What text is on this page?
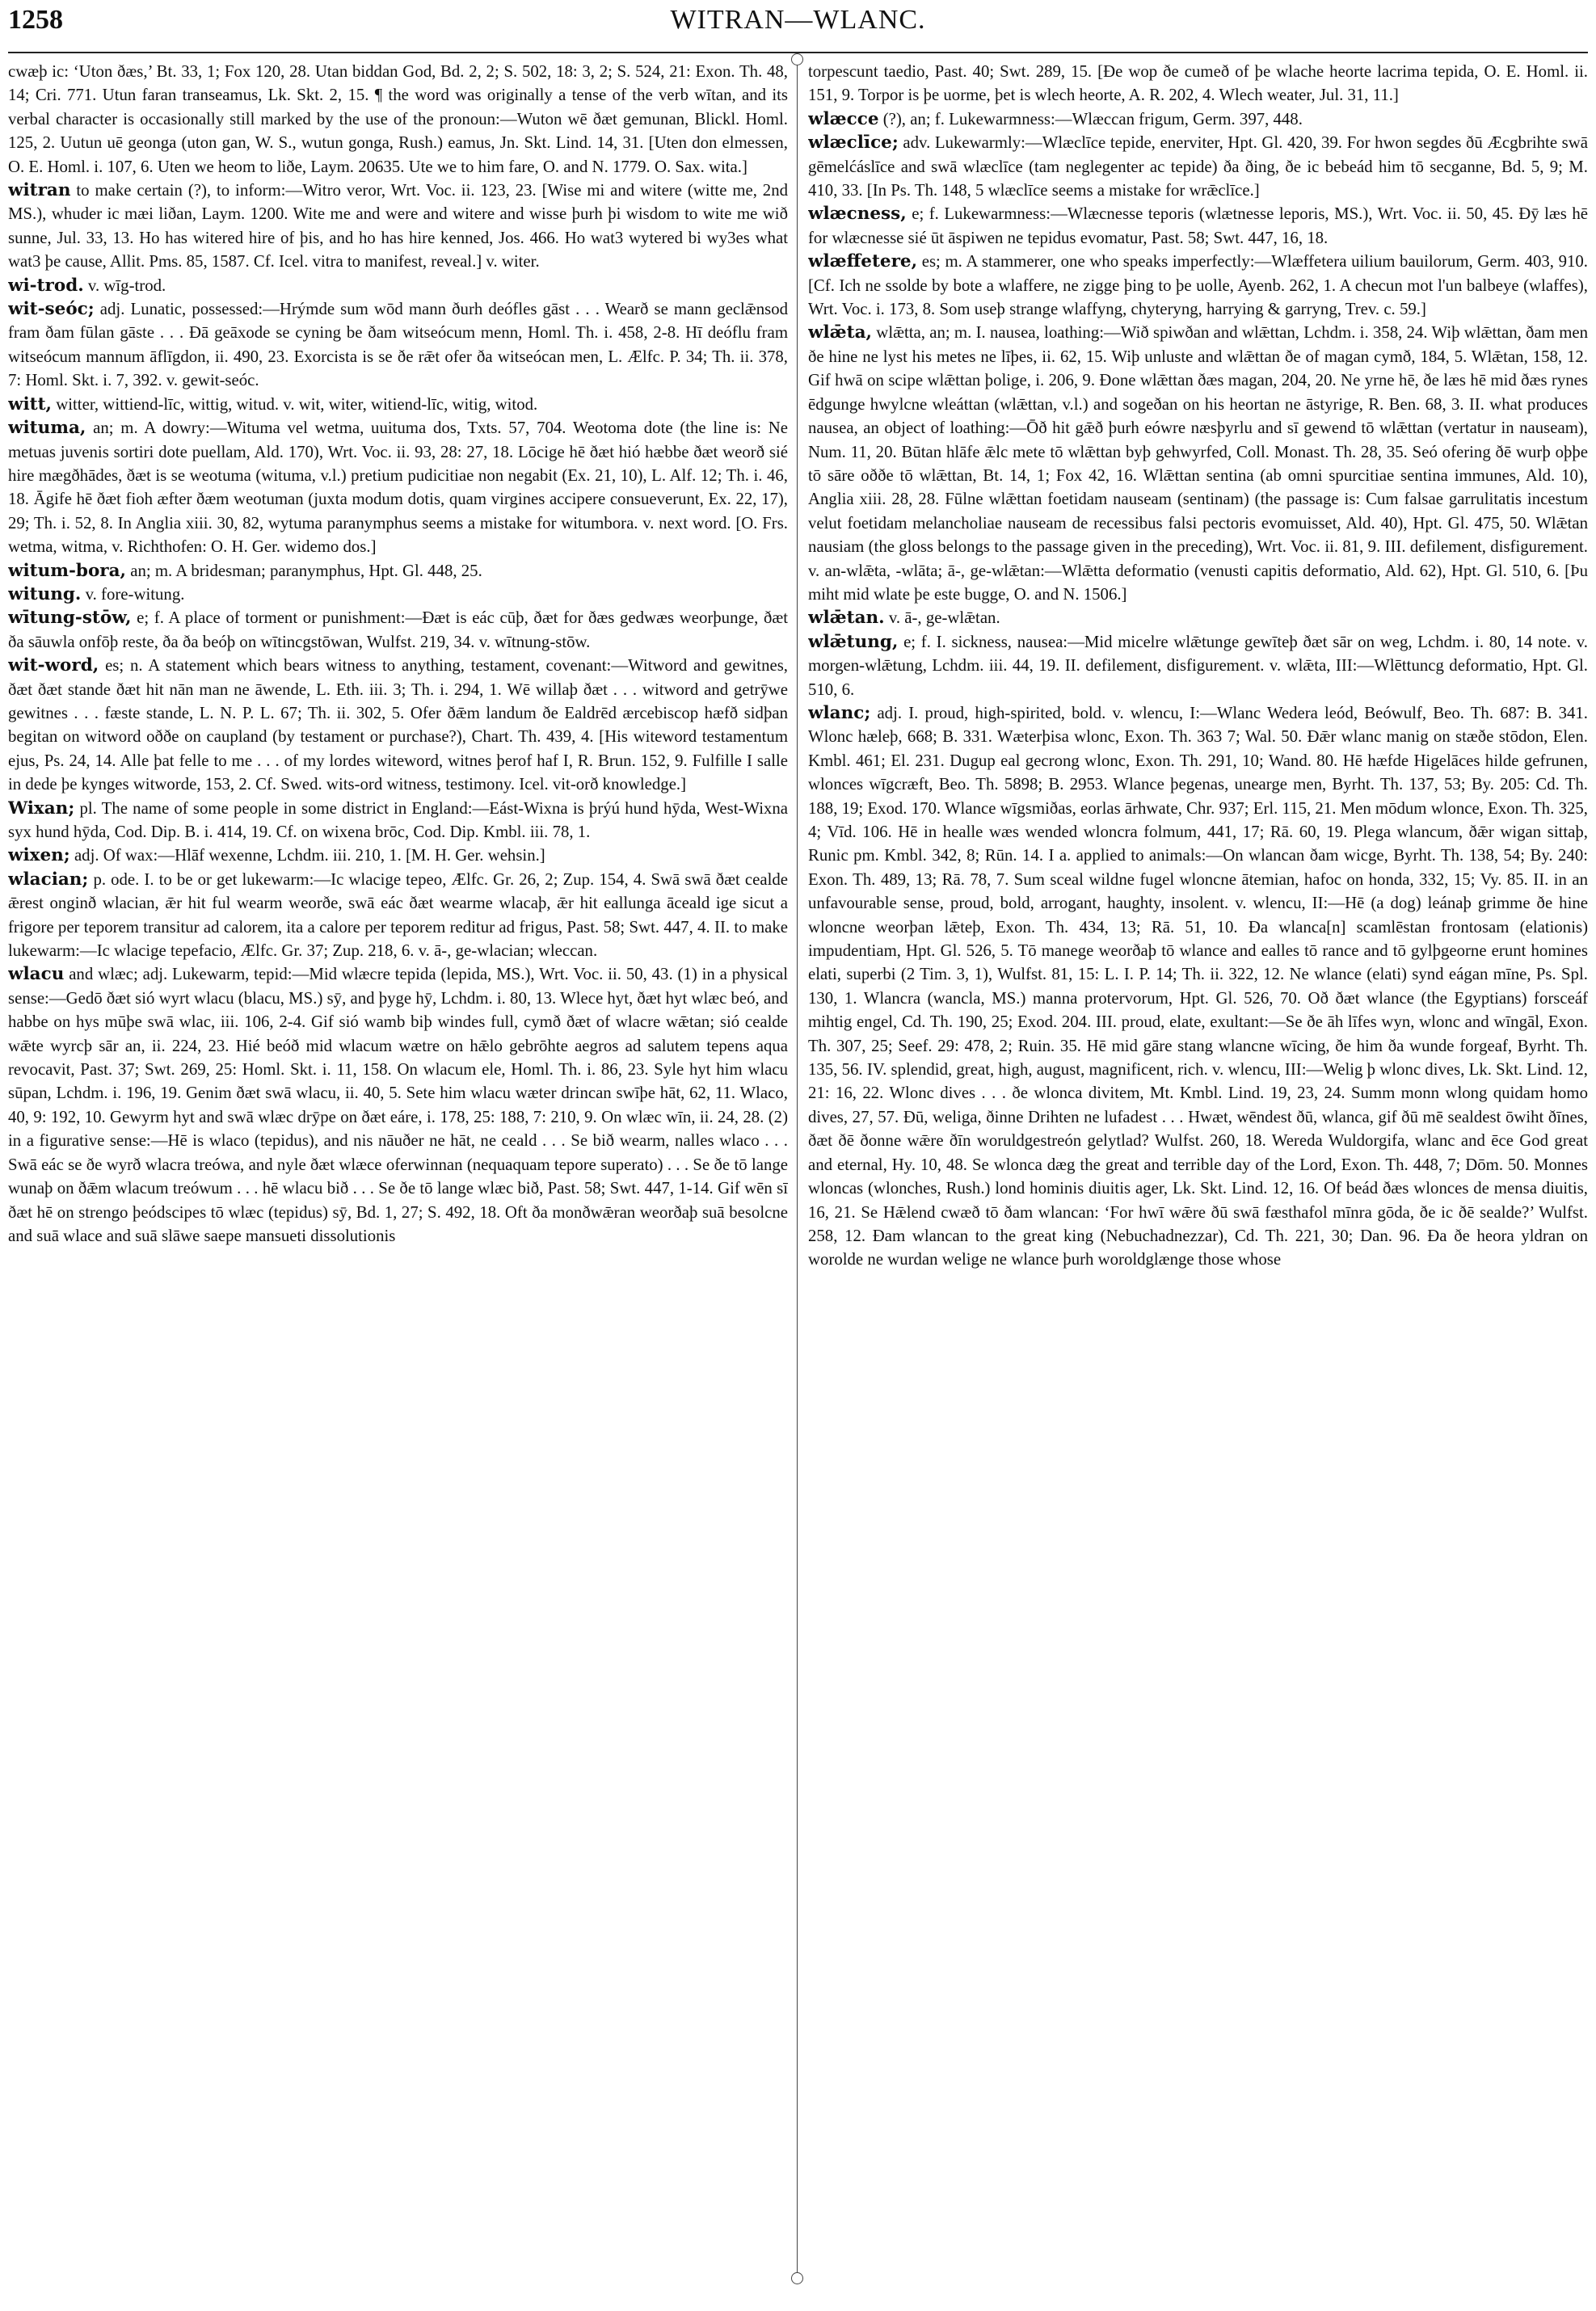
1258	WITRAN—WLANC.

cwæþ ic: ‘Uton ðæs,’ Bt. 33, 1; Fox 120, 28. Utan biddan God, Bd. 2, 2; S. 502, 18: 3, 2; S. 524, 21: Exon. Th. 48, 14; Cri. 771. Utun faran transeamus, Lk. Skt. 2, 15. ¶ the word was originally a tense of the verb wītan, and its verbal character is occasionally still marked by the use of the pronoun:—Wuton wē ðæt gemunan, Blickl. Homl. 125, 2. Uutun uē geonga (uton gan, W. S., wutun gonga, Rush.) eamus, Jn. Skt. Lind. 14, 31. [Uten don elmessen, O. E. Homl. i. 107, 6. Uten we heom to liðe, Laym. 20635. Ute we to him fare, O. and N. 1779. O. Sax. wita.]

witran to make certain (?), to inform:—Witro veror, Wrt. Voc. ii. 123, 23. [Wise mi and witere (witte me, 2nd MS.), whuder ic mæi liðan, Laym. 1200. Wite me and were and witere and wisse þurh þi wisdom to wite me wið sunne, Jul. 33, 13. Ho has witered hire of þis, and ho has hire kenned, Jos. 466. Ho wat3 wytered bi wy3es what wat3 þe cause, Allit. Pms. 85, 1587. Cf. Icel. vitra to manifest, reveal.] v. witer.

wi-trod. v. wīg-trod.

wit-seóc; adj. Lunatic, possessed:—Hrýmde sum wōd mann ðurh deófles gāst . . . Wearð se mann geclǣnsod fram ðam fūlan gāste . . . Ðā geāxode se cyning be ðam witseócum menn, Homl. Th. i. 458, 2-8. Hī deóflu fram witseócum mannum āflīgdon, ii. 490, 23. Exorcista is se ðe rǣt ofer ða witseócan men, L. Ælfc. P. 34; Th. ii. 378, 7: Homl. Skt. i. 7, 392. v. gewit-seóc.

witt, witter, wittiend-līc, wittig, witud. v. wit, witer, witiend-līc, witig, witod.

wituma, an; m. A dowry:—Wituma vel wetma, uuituma dos, Txts. 57, 704. Weotoma dote (the line is: Ne metuas juvenis sortiri dote puellam, Ald. 170), Wrt. Voc. ii. 93, 28: 27, 18. Lōcige hē ðæt hió hæbbe ðæt weorð sié hire mægðhādes, ðæt is se weotuma (wituma, v.l.) pretium pudicitiae non negabit (Ex. 21, 10), L. Alf. 12; Th. i. 46, 18. Āgife hē ðæt fioh æfter ðæm weotuman (juxta modum dotis, quam virgines accipere consueverunt, Ex. 22, 17), 29; Th. i. 52, 8. In Anglia xiii. 30, 82, wytuma paranymphus seems a mistake for witumbora. v. next word. [O. Frs. wetma, witma, v. Richthofen: O. H. Ger. widemo dos.]

witum-bora, an; m. A bridesman; paranymphus, Hpt. Gl. 448, 25.

witung. v. fore-witung.

wītung-stōw, e; f. A place of torment or punishment:—Ðæt is eác cūþ, ðæt for ðæs gedwæs weorþunge, ðæt ða sāuwla onfōþ reste, ða ða beóþ on wītincgstōwan, Wulfst. 219, 34. v. wītnung-stōw.

wit-word, es; n. A statement which bears witness to anything, testament, covenant:—Witword and gewitnes, ðæt ðæt stande ðæt hit nān man ne āwende, L. Eth. iii. 3; Th. i. 294, 1. Wē willaþ ðæt . . . witword and getrȳwe gewitnes . . . fæste stande, L. N. P. L. 67; Th. ii. 302, 5. Ofer ðǣm landum ðe Ealdrēd ærcebiscop hæfð sidþan begitan on witword oððe on caupland (by testament or purchase?), Chart. Th. 439, 4. [His witeword testamentum ejus, Ps. 24, 14. Alle þat felle to me . . . of my lordes witeword, witnes þerof haf I, R. Brun. 152, 9. Fulfille I salle in dede þe kynges witworde, 153, 2. Cf. Swed. wits-ord witness, testimony. Icel. vit-orð knowledge.]

Wixan; pl. The name of some people in some district in England:—Eást-Wixna is þrýú hund hȳda, West-Wixna syx hund hȳda, Cod. Dip. B. i. 414, 19. Cf. on wixena brōc, Cod. Dip. Kmbl. iii. 78, 1.

wixen; adj. Of wax:—Hlāf wexenne, Lchdm. iii. 210, 1. [M. H. Ger. wehsin.]

wlacian; p. ode. I. to be or get lukewarm:—Ic wlacige tepeo, Ælfc. Gr. 26, 2; Zup. 154, 4. Swā swā ðæt cealde ǣrest onginð wlacian, ǣr hit ful wearm weorðe, swā eác ðæt wearme wlacaþ, ǣr hit eallunga āceald ige sicut a frigore per teporem transitur ad calorem, ita a calore per teporem reditur ad frigus, Past. 58; Swt. 447, 4. II. to make lukewarm:—Ic wlacige tepefacio, Ælfc. Gr. 37; Zup. 218, 6. v. ā-, ge-wlacian; wleccan.

wlacu and wlæc; adj. Lukewarm, tepid:—Mid wlæcre tepida (lepida, MS.), Wrt. Voc. ii. 50, 43. (1) in a physical sense:—Gedō ðæt sió wyrt wlacu (blacu, MS.) sȳ, and þyge hȳ, Lchdm. i. 80, 13. Wlece hyt, ðæt hyt wlæc beó, and habbe on hys mūþe swā wlac, iii. 106, 2-4. Gif sió wamb biþ windes full, cymð ðæt of wlacre wǣtan; sió cealde wǣte wyrcþ sār an, ii. 224, 23. Hié beóð mid wlacum wætre on hǣlo gebrōhte aegros ad salutem tepens aqua revocavit, Past. 37; Swt. 269, 25: Homl. Skt. i. 11, 158. On wlacum ele, Homl. Th. i. 86, 23. Syle hyt him wlacu sūpan, Lchdm. i. 196, 19. Genim ðæt swā wlacu, ii. 40, 5. Sete him wlacu wæter drincan swīþe hāt, 62, 11. Wlaco, 40, 9: 192, 10. Gewyrm hyt and swā wlæc drȳpe on ðæt eáre, i. 178, 25: 188, 7: 210, 9. On wlæc wīn, ii. 24, 28. (2) in a figurative sense:—Hē is wlaco (tepidus), and nis nāuðer ne hāt, ne ceald . . . Se bið wearm, nalles wlaco . . . Swā eác se ðe wyrð wlacra treówa, and nyle ðæt wlæce oferwinnan (nequaquam tepore superato) . . . Se ðe tō lange wunaþ on ðǣm wlacum treówum . . . hē wlacu bið . . . Se ðe tō lange wlæc bið, Past. 58; Swt. 447, 1-14. Gif wēn sī ðæt hē on strengo þeódscipes tō wlæc (tepidus) sȳ, Bd. 1, 27; S. 492, 18. Oft ða monðwǣran weorðaþ suā besolcne and suā wlace and suā slāwe saepe mansueti dissolutionis

torpescunt taedio, Past. 40; Swt. 289, 15. [Ðe wop ðe cumeð of þe wlache heorte lacrima tepida, O. E. Homl. ii. 151, 9. Torpor is þe uorme, þet is wlech heorte, A. R. 202, 4. Wlech weater, Jul. 31, 11.]

wlæcce (?), an; f. Lukewarmness:—Wlæccan frigum, Germ. 397, 448.

wlæclīce; adv. Lukewarmly:—Wlæclīce tepide, enerviter, Hpt. Gl. 420, 39. For hwon segdes ðū Æcgbrihte swā gēmelćáslīce and swā wlæclīce (tam neglegenter ac tepide) ða ðing, ðe ic bebeád him tō secganne, Bd. 5, 9; M. 410, 33. [In Ps. Th. 148, 5 wlæclīce seems a mistake for wrǣclīce.]

wlæcness, e; f. Lukewarmness:—Wlæcnesse teporis (wlætnesse leporis, MS.), Wrt. Voc. ii. 50, 45. Ðȳ læs hē for wlæcnesse sié ūt āspiwen ne tepidus evomatur, Past. 58; Swt. 447, 16, 18.

wlæffetere, es; m. A stammerer, one who speaks imperfectly:—Wlæffetera uilium bauilorum, Germ. 403, 910. [Cf. Ich ne ssolde by bote a wlaffere, ne zigge þing to þe uolle, Ayenb. 262, 1. A checun mot l'un balbeye (wlaffes), Wrt. Voc. i. 173, 8. Som useþ strange wlaffyng, chyteryng, harrying & garryng, Trev. c. 59.]

wlǣta, wlǣtta, an; m. I. nausea, loathing:—Wið spiwðan and wlǣttan, Lchdm. i. 358, 24. Wiþ wlǣttan, ðam men ðe hine ne lyst his metes ne līþes, ii. 62, 15. Wiþ unluste and wlǣttan ðe of magan cymð, 184, 5. Wlǣtan, 158, 12. Gif hwā on scipe wlǣttan þolige, i. 206, 9. Ðone wlǣttan ðæs magan, 204, 20. Ne yrne hē, ðe læs hē mid ðæs rynes ēdgunge hwylcne wleáttan (wlǣttan, v.l.) and sogeðan on his heortan ne āstyrige, R. Ben. 68, 3. II. what produces nausea, an object of loathing:—Ōð hit gǣð þurh eówre næsþyrlu and sī gewend tō wlǣttan (vertatur in nauseam), Num. 11, 20. Būtan hlāfe ǣlc mete tō wlǣttan byþ gehwyrfed, Coll. Monast. Th. 28, 35. Seó ofering ðē wurþ oþþe tō sāre oððe tō wlǣttan, Bt. 14, 1; Fox 42, 16. Wlǣttan sentina (ab omni spurcitiae sentina immunes, Ald. 10), Anglia xiii. 28, 28. Fūlne wlǣttan foetidam nauseam (sentinam) (the passage is: Cum falsae garrulitatis incestum velut foetidam melancholiae nauseam de recessibus falsi pectoris evomuisset, Ald. 40), Hpt. Gl. 475, 50. Wlǣtan nausiam (the gloss belongs to the passage given in the preceding), Wrt. Voc. ii. 81, 9. III. defilement, disfigurement. v. an-wlǣta, -wlāta; ā-, ge-wlǣtan:—Wlǣtta deformatio (venusti capitis deformatio, Ald. 62), Hpt. Gl. 510, 6. [Þu miht mid wlate þe este bugge, O. and N. 1506.]

wlǣtan. v. ā-, ge-wlǣtan.

wlǣtung, e; f. I. sickness, nausea:—Mid micelre wlǣtunge gewīteþ ðæt sār on weg, Lchdm. i. 80, 14 note. v. morgen-wlǣtung, Lchdm. iii. 44, 19. II. defilement, disfigurement. v. wlǣta, III:—Wlēttuncg deformatio, Hpt. Gl. 510, 6.

wlanc; adj. I. proud, high-spirited, bold. v. wlencu, I:—Wlanc Wedera leód, Beówulf, Beo. Th. 687: B. 341. Wlonc hæleþ, 668; B. 331. Wæterþisa wlonc, Exon. Th. 363 7; Wal. 50. Ðǣr wlanc manig on stæðe stōdon, Elen. Kmbl. 461; El. 231. Dugup eal gecrong wlonc, Exon. Th. 291, 10; Wand. 80. Hē hæfde Higelāces hilde gefrunen, wlonces wīgcræft, Beo. Th. 5898; B. 2953. Wlance þegenas, unearge men, Byrht. Th. 137, 53; By. 205: Cd. Th. 188, 19; Exod. 170. Wlance wīgsmiðas, eorlas ārhwate, Chr. 937; Erl. 115, 21. Men mōdum wlonce, Exon. Th. 325, 4; Vīd. 106. Hē in healle wæs wended wloncra folmum, 441, 17; Rā. 60, 19. Plega wlancum, ðǣr wigan sittaþ, Runic pm. Kmbl. 342, 8; Rūn. 14. I a. applied to animals:—On wlancan ðam wicge, Byrht. Th. 138, 54; By. 240: Exon. Th. 489, 13; Rā. 78, 7. Sum sceal wildne fugel wloncne ātemian, hafoc on honda, 332, 15; Vy. 85. II. in an unfavourable sense, proud, bold, arrogant, haughty, insolent. v. wlencu, II:—Hē (a dog) leánaþ grimme ðe hine wloncne weorþan lǣteþ, Exon. Th. 434, 13; Rā. 51, 10. Ða wlanca[n] scamlēstan frontosam (elationis) impudentiam, Hpt. Gl. 526, 5. Tō manege weorðaþ tō wlance and ealles tō rance and tō gylþgeorne erunt homines elati, superbi (2 Tim. 3, 1), Wulfst. 81, 15: L. I. P. 14; Th. ii. 322, 12. Ne wlance (elati) synd eágan mīne, Ps. Spl. 130, 1. Wlancra (wancla, MS.) manna protervorum, Hpt. Gl. 526, 70. Oð ðæt wlance (the Egyptians) forsceáf mihtig engel, Cd. Th. 190, 25; Exod. 204. III. proud, elate, exultant:—Se ðe āh līfes wyn, wlonc and wīngāl, Exon. Th. 307, 25; Seef. 29: 478, 2; Ruin. 35. Hē mid gāre stang wlancne wīcing, ðe him ða wunde forgeaf, Byrht. Th. 135, 56. IV. splendid, great, high, august, magnificent, rich. v. wlencu, III:—Welig þ wlonc dives, Lk. Skt. Lind. 12, 21: 16, 22. Wlonc dives . . . ðe wlonca divitem, Mt. Kmbl. Lind. 19, 23, 24. Summ monn wlong quidam homo dives, 27, 57. Ðū, weliga, ðinne Drihten ne lufadest . . . Hwæt, wēndest ðū, wlanca, gif ðū mē sealdest ōwiht ðīnes, ðæt ðē ðonne wǣre ðīn woruldgestreón gelytlad? Wulfst. 260, 18. Wereda Wuldorgifa, wlanc and ēce God great and eternal, Hy. 10, 48. Se wlonca dæg the great and terrible day of the Lord, Exon. Th. 448, 7; Dōm. 50. Monnes wloncas (wlonches, Rush.) lond hominis diuitis ager, Lk. Skt. Lind. 12, 16. Of beád ðæs wlonces de mensa diuitis, 16, 21. Se Hǣlend cwæð tō ðam wlancan: ‘For hwī wǣre ðū swā fæsthafol mīnra gōda, ðe ic ðē sealde?’ Wulfst. 258, 12. Ðam wlancan to the great king (Nebuchadnezzar), Cd. Th. 221, 30; Dan. 96. Ða ðe heora yldran on worolde ne wurdan welige ne wlance þurh woroldglænge those whose
